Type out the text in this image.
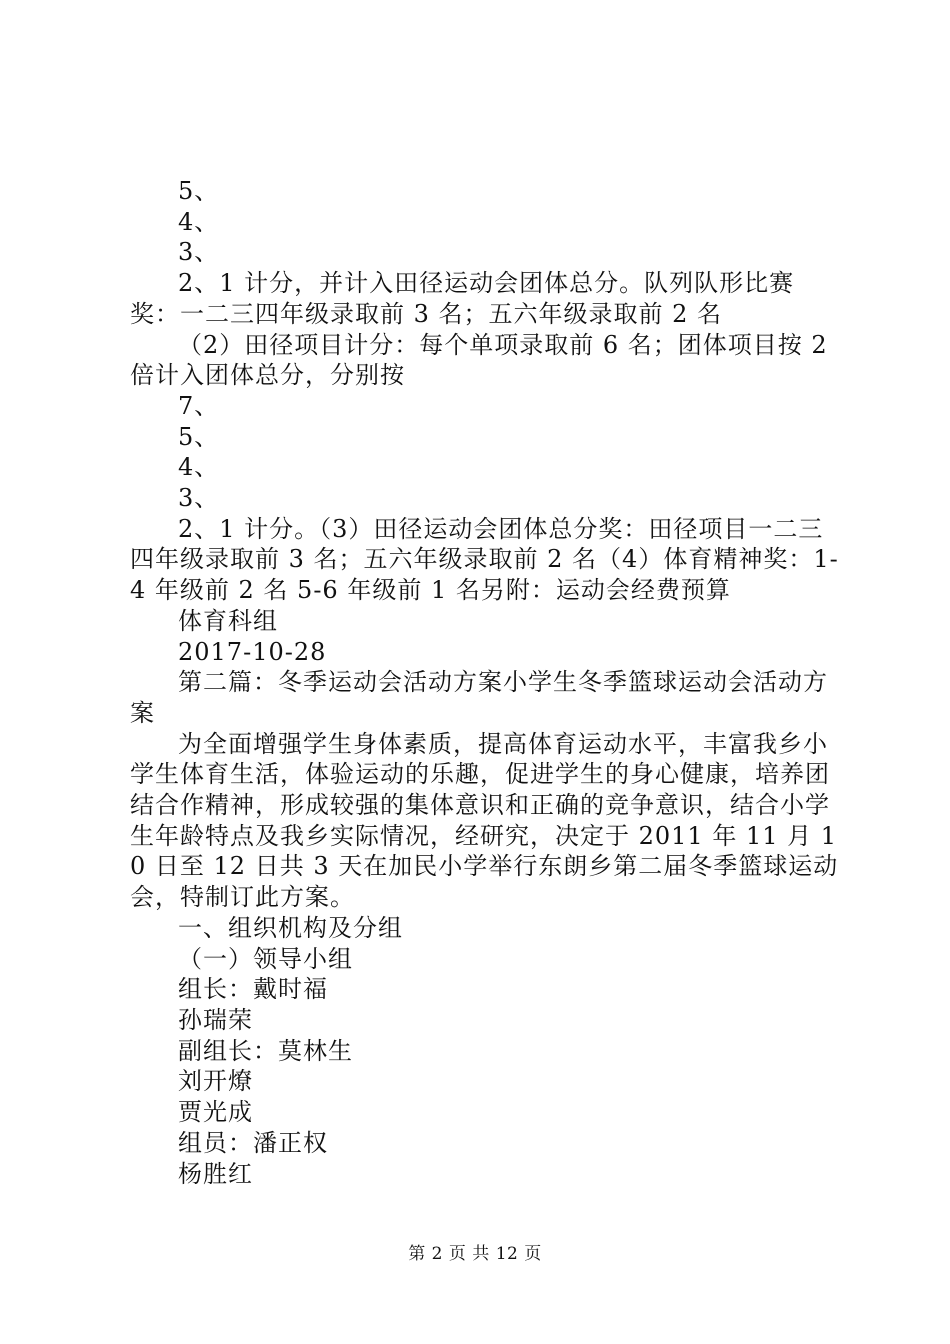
5、

4、

3、

2、1 计分，并计入田径运动会团体总分。队列队形比赛奖：一二三四年级录取前 3 名；五六年级录取前 2 名

（2）田径项目计分：每个单项录取前 6 名；团体项目按 2 倍计入团体总分，分别按

7、

5、

4、

3、

2、1 计分。（3）田径运动会团体总分奖：田径项目一二三四年级录取前 3 名；五六年级录取前 2 名（4）体育精神奖：1-4 年级前 2 名 5-6 年级前 1 名另附：运动会经费预算

体育科组

2017-10-28

第二篇：冬季运动会活动方案小学生冬季篮球运动会活动方案

为全面增强学生身体素质，提高体育运动水平，丰富我乡小学生体育生活，体验运动的乐趣，促进学生的身心健康，培养团结合作精神，形成较强的集体意识和正确的竞争意识，结合小学生年龄特点及我乡实际情况，经研究，决定于 2011 年 11 月 10 日至 12 日共 3 天在加民小学举行东朗乡第二届冬季篮球运动会，特制订此方案。

一、组织机构及分组

（一）领导小组

组长：戴时福

孙瑞荣

副组长：莫林生

刘开燎

贾光成

组员：潘正权

杨胜红

第 2 页 共 12 页
